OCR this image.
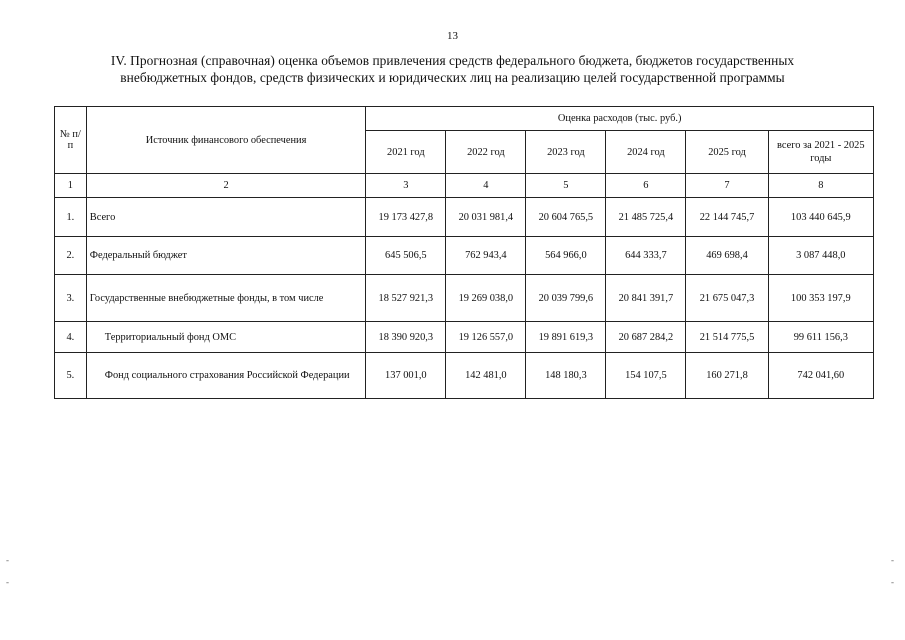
13
IV. Прогнозная (справочная) оценка объемов привлечения средств федерального бюджета, бюджетов государственных
внебюджетных фондов, средств физических и юридических лиц на реализацию целей государственной программы
№ п/п	Источник финансового обеспечения	Оценка расходов (тыс. руб.)					
		2021 год	2022 год	2023 год	2024 год	2025 год	всего за 2021 - 2025 годы
1	2	3	4	5	6	7	8
1.	Всего	19 173 427,8	20 031 981,4	20 604 765,5	21 485 725,4	22 144 745,7	103 440 645,9
2.	Федеральный бюджет	645 506,5	762 943,4	564 966,0	644 333,7	469 698,4	3 087 448,0
3.	Государственные внебюджетные фонды, в том числе	18 527 921,3	19 269 038,0	20 039 799,6	20 841 391,7	21 675 047,3	100 353 197,9
4.	Территориальный фонд ОМС	18 390 920,3	19 126 557,0	19 891 619,3	20 687 284,2	21 514 775,5	99 611 156,3
5.	Фонд социального страхования Российской Федерации	137 001,0	142 481,0	148 180,3	154 107,5	160 271,8	742 041,60
-
-
-
-
